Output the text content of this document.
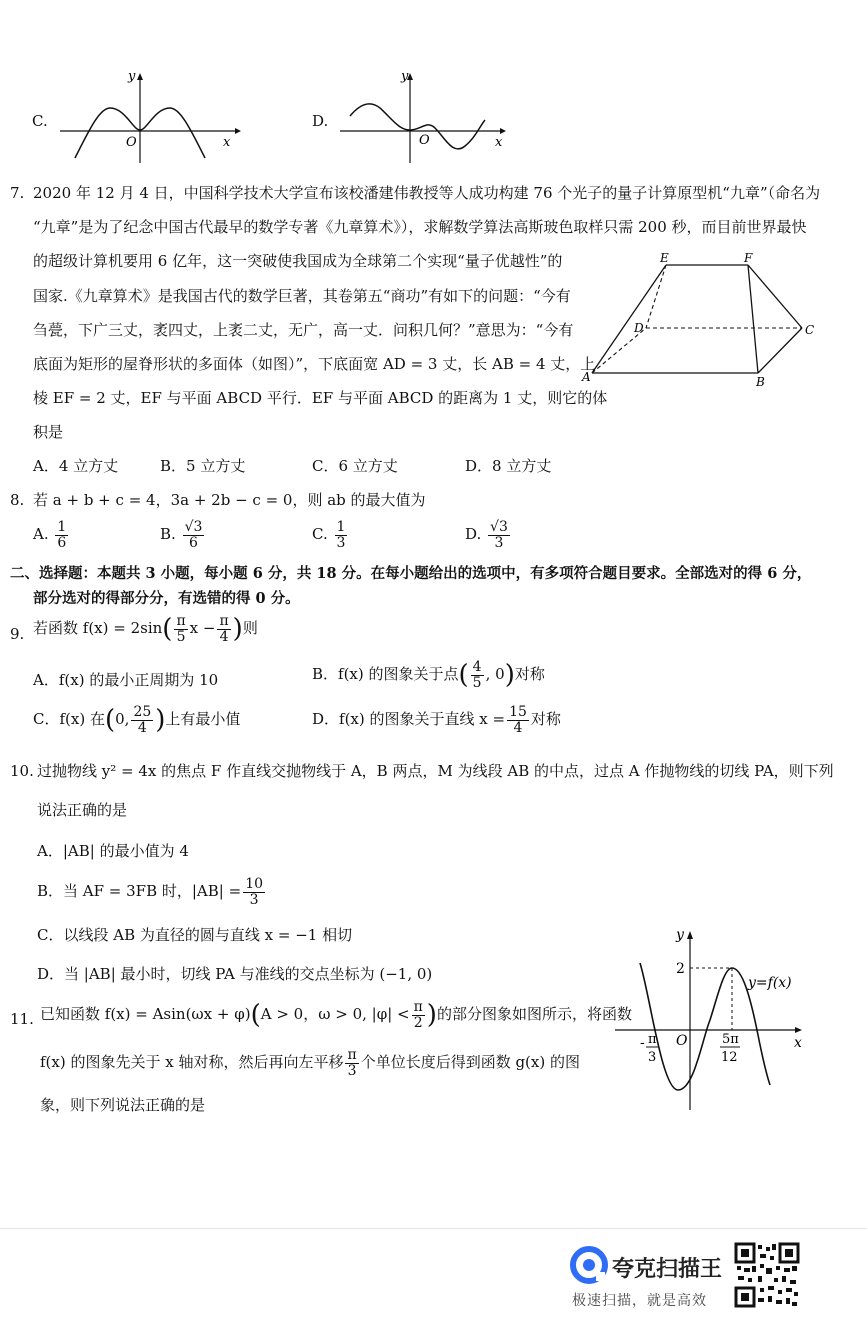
C.
y
x
O
D.
y
x
O
7. 2020 年 12 月 4 日，中国科学技术大学宣布该校潘建伟教授等人成功构建 76 个光子的量子计算原型机“九章”（命名为
“九章”是为了纪念中国古代最早的数学专著《九章算术》），求解数学算法高斯玻色取样只需 200 秒，而目前世界最快
的超级计算机要用 6 亿年，这一突破使我国成为全球第二个实现“量子优越性”的
国家.《九章算术》是我国古代的数学巨著，其卷第五“商功”有如下的问题：“今有
刍甍，下广三丈，袤四丈，上袤二丈，无广，高一丈．问积几何？”意思为：“今有
底面为矩形的屋脊形状的多面体（如图）”，下底面宽 AD = 3 丈，长 AB = 4 丈，上
棱 EF = 2 丈，EF 与平面 ABCD 平行．EF 与平面 ABCD 的距离为 1 丈，则它的体
积是
E	F
D	C
A	B
A．4 立方丈	B．5 立方丈	C．6 立方丈	D．8 立方丈
8. 若 a + b + c = 4，3a + 2b − c = 0，则 ab 的最大值为
A. $\frac{1}{6}$	B. $\frac{√3}{6}$	C. $\frac{1}{3}$	D. $\frac{√3}{3}$
二、选择题：本题共 3 小题，每小题 6 分，共 18 分。在每小题给出的选项中，有多项符合题目要求。全部选对的得 6 分，
部分选对的得部分分，有选错的得 0 分。
9. 若函数 $f(x) = 2\sin( \frac{\pi}{5}$ $x - \frac{\pi}{4}$ )则
A．f(x) 的最小正周期为 10	B．f(x) 的图象关于点( $\frac{4}{5}$ , 0)对称
C．f(x) 在(0, $\frac{25}{4}$ )上有最小值	D．f(x) 的图象关于直线 $x = \frac{15}{4}$ 对称
10. 过抛物线 y² = 4x 的焦点 F 作直线交抛物线于 A，B 两点，M 为线段 AB 的中点，过点 A 作抛物线的切线 PA，则下列
说法正确的是
A．|AB| 的最小值为 4
B．当 AF = 3FB 时，$|AB| = \frac{10}{3}$
C．以线段 AB 为直径的圆与直线 x = −1 相切
D．当 |AB| 最小时，切线 PA 与准线的交点坐标为 (−1, 0)
11. 已知函数 f(x) = Asin(ωx + φ)(A > 0，ω > 0, $|\varphi| < \frac{\pi}{2}$ )的部分图象如图所示，将函数
f(x) 的图象先关于 x 轴对称，然后再向左平移 $\frac{\pi}{3}$ 个单位长度后得到函数 g(x) 的图
象，则下列说法正确的是
y
x
O
2
y=f(x)
- π
3
5π
12
夸克扫描王
极速扫描，就是高效
